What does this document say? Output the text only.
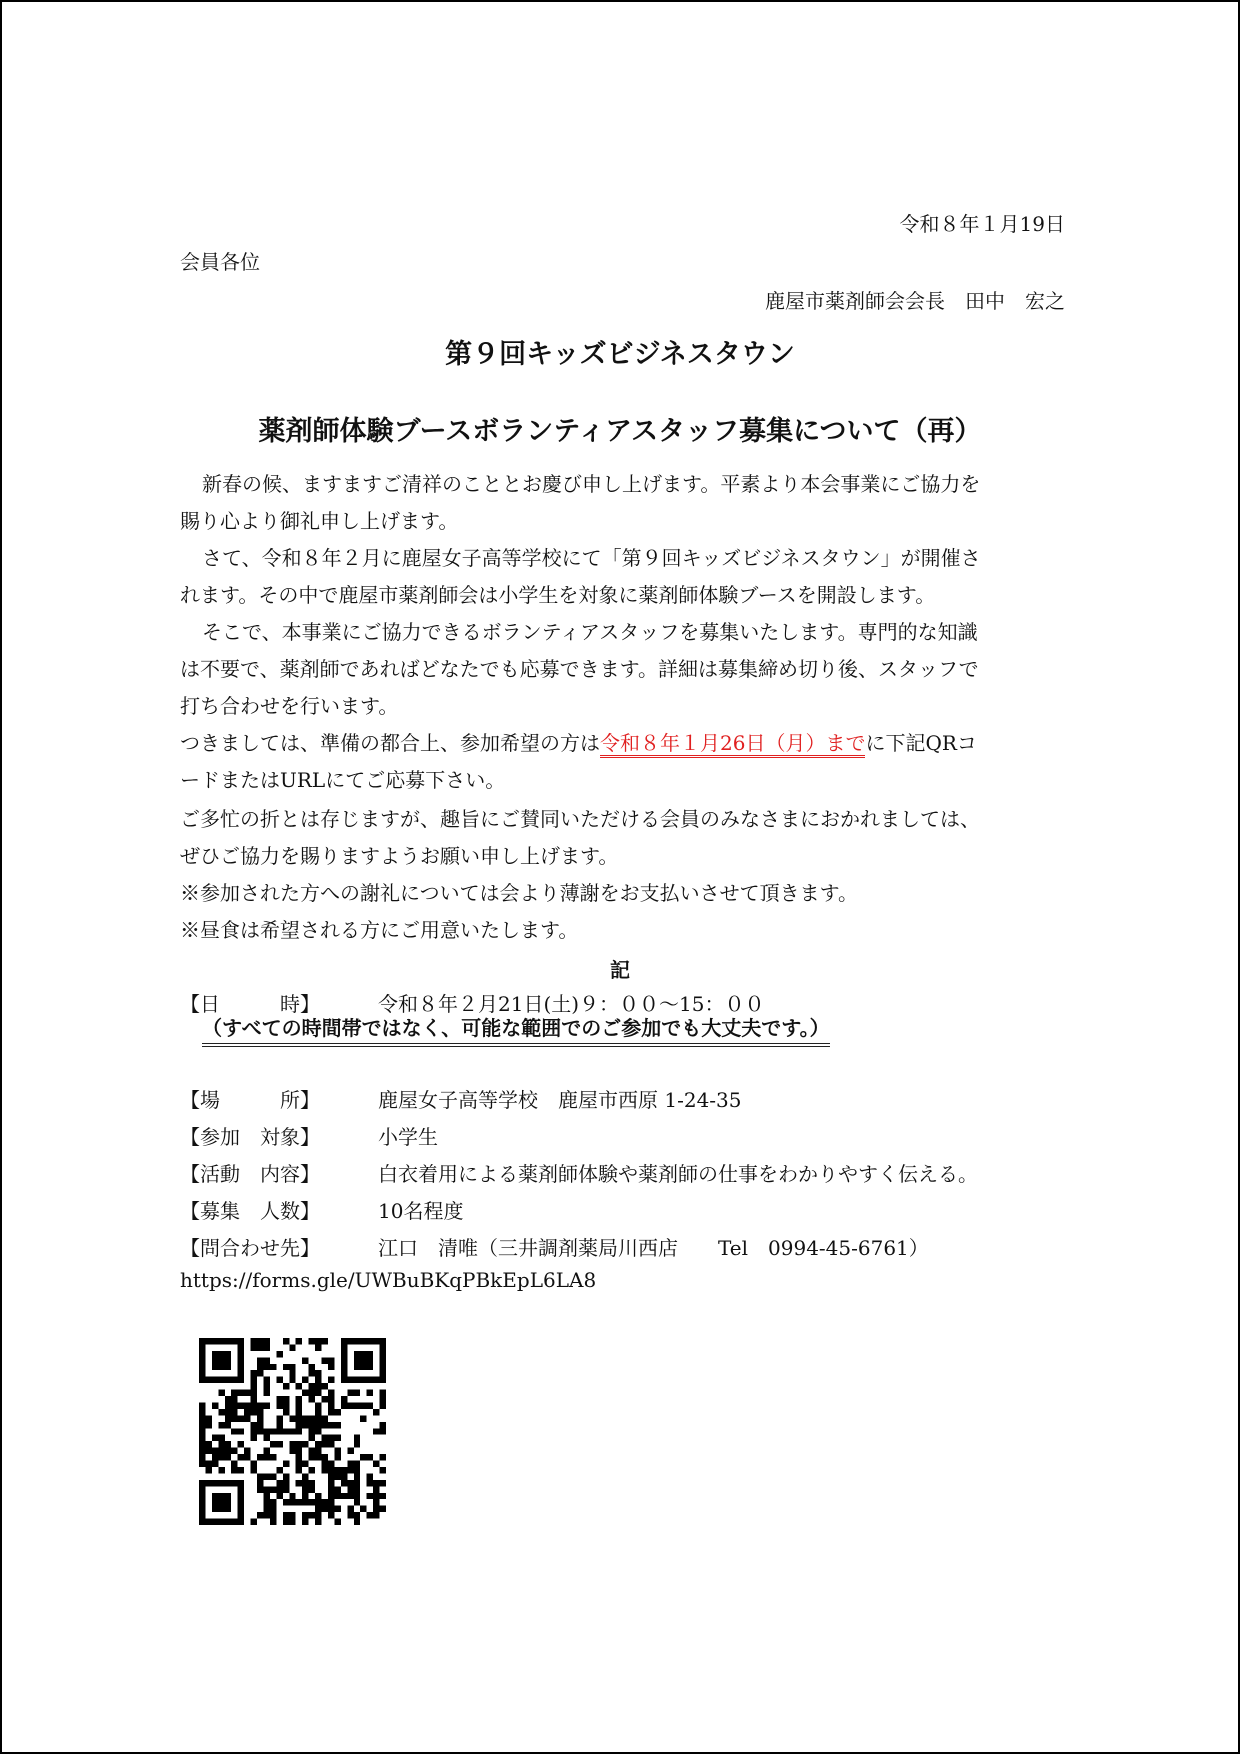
令和８年１月19日
会員各位
鹿屋市薬剤師会会長　田中　宏之
第９回キッズビジネスタウン
薬剤師体験ブースボランティアスタッフ募集について（再）
新春の候、ますますご清祥のこととお慶び申し上げます。平素より本会事業にご協力を
賜り心より御礼申し上げます。
さて、令和８年２月に鹿屋女子高等学校にて「第９回キッズビジネスタウン」が開催さ
れます。その中で鹿屋市薬剤師会は小学生を対象に薬剤師体験ブースを開設します。
そこで、本事業にご協力できるボランティアスタッフを募集いたします。専門的な知識
は不要で、薬剤師であればどなたでも応募できます。詳細は募集締め切り後、スタッフで
打ち合わせを行います。
つきましては、準備の都合上、参加希望の方は令和８年１月26日（月）までに下記QRコ
ードまたはURLにてご応募下さい。
ご多忙の折とは存じますが、趣旨にご賛同いただける会員のみなさまにおかれましては、
ぜひご協力を賜りますようお願い申し上げます。
※参加された方への謝礼については会より薄謝をお支払いさせて頂きます。
※昼食は希望される方にご用意いたします。
記
【日　　　時】	令和８年２月21日(土)９：００～15：００
（すべての時間帯ではなく、可能な範囲でのご参加でも大丈夫です。）
【場　　　所】	鹿屋女子高等学校　鹿屋市西原 1-24-35
【参加　対象】	小学生
【活動　内容】	白衣着用による薬剤師体験や薬剤師の仕事をわかりやすく伝える。
【募集　人数】	10名程度
【問合わせ先】	江口　清唯（三井調剤薬局川西店　　Tel　0994-45-6761）
https://forms.gle/UWBuBKqPBkEpL6LA8
